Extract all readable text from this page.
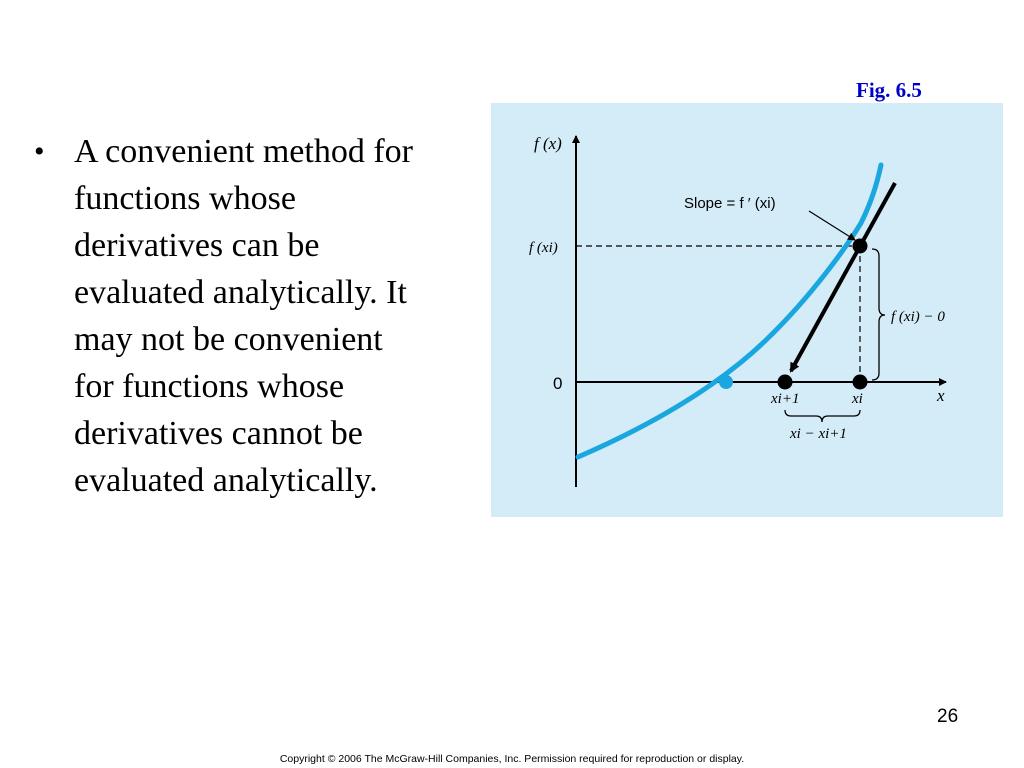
Fig. 6.5
• A convenient method for
functions whose
derivatives can be
evaluated analytically. It
may not be convenient
for functions whose
derivatives cannot be
evaluated analytically.
f (x)
x
0
f (xi)
Slope = f ′ (xi)
f (xi) − 0
xi+1	xi
xi − xi+1
26
Copyright © 2006 The McGraw-Hill Companies, Inc. Permission required for reproduction or display.
